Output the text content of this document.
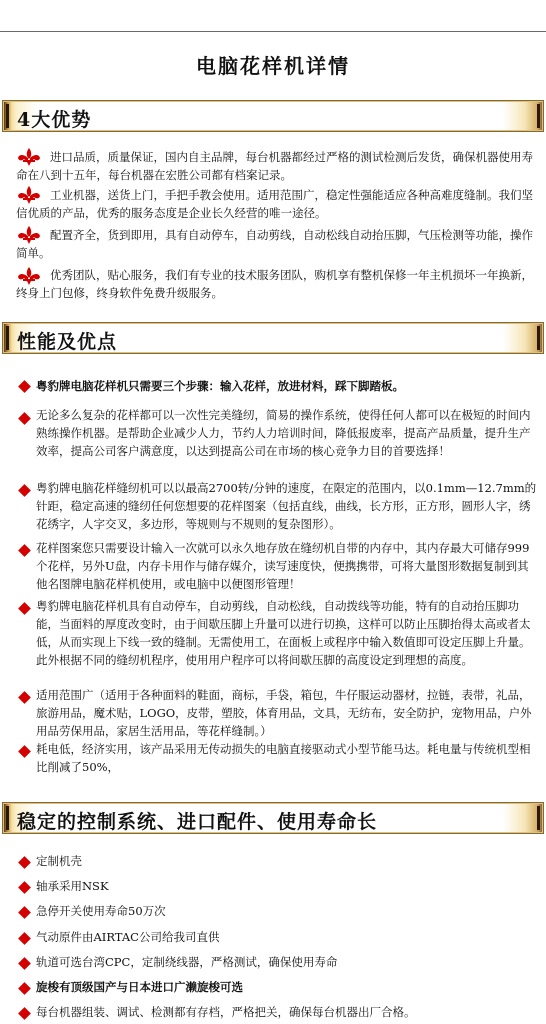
电脑花样机详情
4大优势
进口品质，质量保证，国内自主品牌，每台机器都经过严格的测试检测后发货，确保机器使用寿命在八到十五年，每台机器在宏胜公司都有档案记录。
工业机器，送货上门，手把手教会使用。适用范围广，稳定性强能适应各种高难度缝制。我们坚信优质的产品，优秀的服务态度是企业长久经营的唯一途径。
配置齐全，货到即用，具有自动停车，自动剪线，自动松线自动抬压脚，气压检测等功能，操作简单。
优秀团队，贴心服务，我们有专业的技术服务团队，购机享有整机保修一年主机损坏一年换新，终身上门包修，终身软件免费升级服务。
性能及优点
粤豹牌电脑花样机只需要三个步骤：输入花样，放进材料，踩下脚踏板。
无论多么复杂的花样都可以一次性完美缝纫，简易的操作系统，使得任何人都可以在极短的时间内熟练操作机器。是帮助企业减少人力，节约人力培训时间，降低报废率，提高产品质量，提升生产效率，提高公司客户满意度，以达到提高公司在市场的核心竞争力目的首要选择！
粤豹牌电脑花样缝纫机可以以最高2700转/分钟的速度，在限定的范围内，以0.1mm—12.7mm的针距，稳定高速的缝纫任何您想要的花样图案（包括直线，曲线，长方形，正方形，圆形人字，绣花绣字，人字交叉，多边形，等规则与不规则的复杂图形）。
花样图案您只需要设计输入一次就可以永久地存放在缝纫机自带的内存中，其内存最大可储存999个花样，另外U盘，内存卡用作与储存媒介，读写速度快，便携携带，可将大量图形数据复制到其他名图牌电脑花样机使用，或电脑中以便图形管理！
粤豹牌电脑花样机具有自动停车，自动剪线，自动松线，自动拨线等功能，特有的自动抬压脚功能，当面料的厚度改变时，由于间歇压脚上升量可以进行切换，这样可以防止压脚抬得太高或者太低，从而实现上下线一致的缝制。无需使用工，在面板上或程序中输入数值即可设定压脚上升量。此外根据不同的缝纫机程序，使用用户程序可以将间歇压脚的高度设定到理想的高度。
适用范围广（适用于各种面料的鞋面，商标，手袋，箱包，牛仔服运动器材，拉链，表带，礼品，旅游用品，魔术贴，LOGO，皮带，塑胶，体育用品，文具，无纺布，安全防护，宠物用品，户外用品劳保用品，家居生活用品，等花样缝制。）
耗电低，经济实用，该产品采用无传动损失的电脑直接驱动式小型节能马达。耗电量与传统机型相比削减了50%，
稳定的控制系统、进口配件、使用寿命长
定制机壳
轴承采用NSK
急停开关使用寿命50万次
气动原件由AIRTAC公司给我司直供
轨道可选台湾CPC，定制绕线器，严格测试，确保使用寿命
旋梭有顶级国产与日本进口广濑旋梭可选
每台机器组装、调试、检测都有存档，严格把关，确保每台机器出厂合格。
